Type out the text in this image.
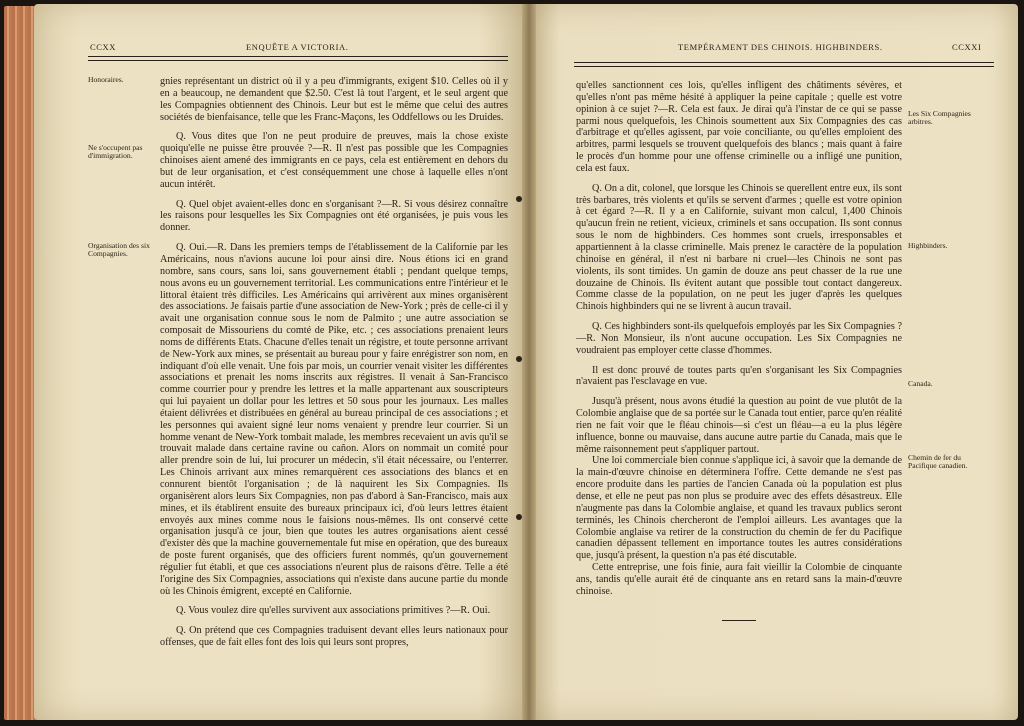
CCXX	ENQUÊTE A VICTORIA.
Honoraires.
Ne s'occupent pas d'immigration.
Organisation des six Compagnies.

gnies représentant un district où il y a peu d'immigrants, exigent $10. Celles où il y en a beaucoup, ne demandent que $2.50. C'est là tout l'argent, et le seul argent que les Compagnies obtiennent des Chinois. Leur but est le même que celui des autres sociétés de bienfaisance, telle que les Franc-Maçons, les Oddfellows ou les Druides.

Q. Vous dites que l'on ne peut produire de preuves, mais la chose existe quoiqu'elle ne puisse être prouvée ?—R. Il n'est pas possible que les Compagnies chinoises aient amené des immigrants en ce pays, cela est entièrement en dehors du but de leur organisation, et c'est conséquemment une chose à laquelle elles n'ont aucun intérêt.

Q. Quel objet avaient-elles donc en s'organisant ?—R. Si vous désirez connaître les raisons pour lesquelles les Six Compagnies ont été organisées, je puis vous les donner.

Q. Oui.—R. Dans les premiers temps de l'établissement de la Californie par les Américains, nous n'avions aucune loi pour ainsi dire. Nous étions ici en grand nombre, sans cours, sans loi, sans gouvernement établi ; pendant quelque temps, nous avons eu un gouvernement territorial. Les communications entre l'intérieur et le littoral étaient très difficiles. Les Américains qui arrivèrent aux mines organisèrent des associations. Je faisais partie d'une association de New-York ; près de celle-ci il y avait une organisation connue sous le nom de Palmito ; une autre association se composait de Missouriens du comté de Pike, etc. ; ces associations prenaient leurs noms de différents Etats. Chacune d'elles tenait un régistre, et toute personne arrivant de New-York aux mines, se présentait au bureau pour y faire enrégistrer son nom, en indiquant d'où elle venait. Une fois par mois, un courrier venait visiter les différentes associations et prenait les noms inscrits aux régistres. Il venait à San-Francisco comme courrier pour y prendre les lettres et la malle appartenant aux souscripteurs qui lui payaient un dollar pour les lettres et 50 sous pour les journaux. Les malles étaient délivrées et distribuées en général au bureau principal de ces associations ; et les personnes qui avaient signé leur noms venaient y prendre leur courrier. Si un homme venant de New-York tombait malade, les membres recevaient un avis qu'il se trouvait malade dans certaine ravine ou cañon. Alors on nommait un comité pour aller prendre soin de lui, lui procurer un médecin, s'il était nécessaire, ou l'enterrer. Les Chinois arrivant aux mines remarquèrent ces associations des blancs et en connurent bientôt l'organisation ; de là naquirent les Six Compagnies. Ils organisèrent alors leurs Six Compagnies, non pas d'abord à San-Francisco, mais aux mines, et ils établirent ensuite des bureaux principaux ici, d'où leurs lettres étaient envoyés aux mines comme nous le faisions nous-mêmes. Ils ont conservé cette organisation jusqu'à ce jour, bien que toutes les autres organisations aient cessé d'exister dès que la machine gouvernementale fut mise en opération, que des bureaux de poste furent organisés, que des officiers furent nommés, qu'un gouvernement régulier fut établi, et que ces associations n'eurent plus de raisons d'être. Telle a été l'origine des Six Compagnies, associations qui n'existe dans aucune partie du monde où les Chinois émigrent, excepté en Californie.

Q. Vous voulez dire qu'elles survivent aux associations primitives ?—R. Oui.

Q. On prétend que ces Compagnies traduisent devant elles leurs nationaux pour offenses, que de fait elles font des lois qui leurs sont propres,

TEMPÉRAMENT DES CHINOIS. HIGHBINDERS.	CCXXI

qu'elles sanctionnent ces lois, qu'elles infligent des châtiments sévères, et qu'elles n'ont pas même hésité à appliquer la peine capitale ; quelle est votre opinion à ce sujet ?—R. Cela est faux. Je dirai qu'à l'instar de ce qui se passe parmi nous quelquefois, les Chinois soumettent aux Six Compagnies des cas d'arbitrage et qu'elles agissent, par voie conciliante, ou qu'elles emploient des arbitres, parmi lesquels se trouvent quelquefois des blancs ; mais quant à faire le procès d'un homme pour une offense criminelle ou a infligé une punition, cela est faux.

Q. On a dit, colonel, que lorsque les Chinois se querellent entre eux, ils sont très barbares, très violents et qu'ils se servent d'armes ; quelle est votre opinion à cet égard ?—R. Il y a en Californie, suivant mon calcul, 1,400 Chinois qu'aucun frein ne retient, vicieux, criminels et sans occupation. Ils sont connus sous le nom de highbinders. Ces hommes sont cruels, irresponsables et appartiennent à la classe criminelle. Mais prenez le caractère de la population chinoise en général, il n'est ni barbare ni cruel—les Chinois ne sont pas violents, ils sont timides. Un gamin de douze ans peut chasser de la rue une douzaine de Chinois. Ils évitent autant que possible tout contact dangereux. Comme classe de la population, on ne peut les juger d'après les quelques Chinois highbinders qui ne se livrent à aucun travail.

Q. Ces highbinders sont-ils quelquefois employés par les Six Compagnies ?—R. Non Monsieur, ils n'ont aucune occupation. Les Six Compagnies ne voudraient pas employer cette classe d'hommes.

Il est donc prouvé de toutes parts qu'en s'organisant les Six Compagnies n'avaient pas l'esclavage en vue.

Jusqu'à présent, nous avons étudié la question au point de vue plutôt de la Colombie anglaise que de sa portée sur le Canada tout entier, parce qu'en réalité rien ne fait voir que le fléau chinois—si c'est un fléau—a eu la plus légère influence, bonne ou mauvaise, dans aucune autre partie du Canada, mais que le même raisonnement peut s'appliquer partout.

Une loi commerciale bien connue s'applique ici, à savoir que la demande de la main-d'œuvre chinoise en déterminera l'offre. Cette demande ne s'est pas encore produite dans les parties de l'ancien Canada où la population est plus dense, et elle ne peut pas non plus se produire avec des effets désastreux. Elle n'augmente pas dans la Colombie anglaise, et quand les travaux publics seront terminés, les Chinois chercheront de l'emploi ailleurs. Les avantages que la Colombie anglaise va retirer de la construction du chemin de fer du Pacifique canadien dépassent tellement en importance toutes les autres considérations que, jusqu'à présent, la question n'a pas été discutable.

Cette entreprise, une fois finie, aura fait vieillir la Colombie de cinquante ans, tandis qu'elle aurait été de cinquante ans en retard sans la main-d'œuvre chinoise.

Les Six Compagnies arbitres.
Highbinders.
Canada.
Chemin de fer du Pacifique canadien.
